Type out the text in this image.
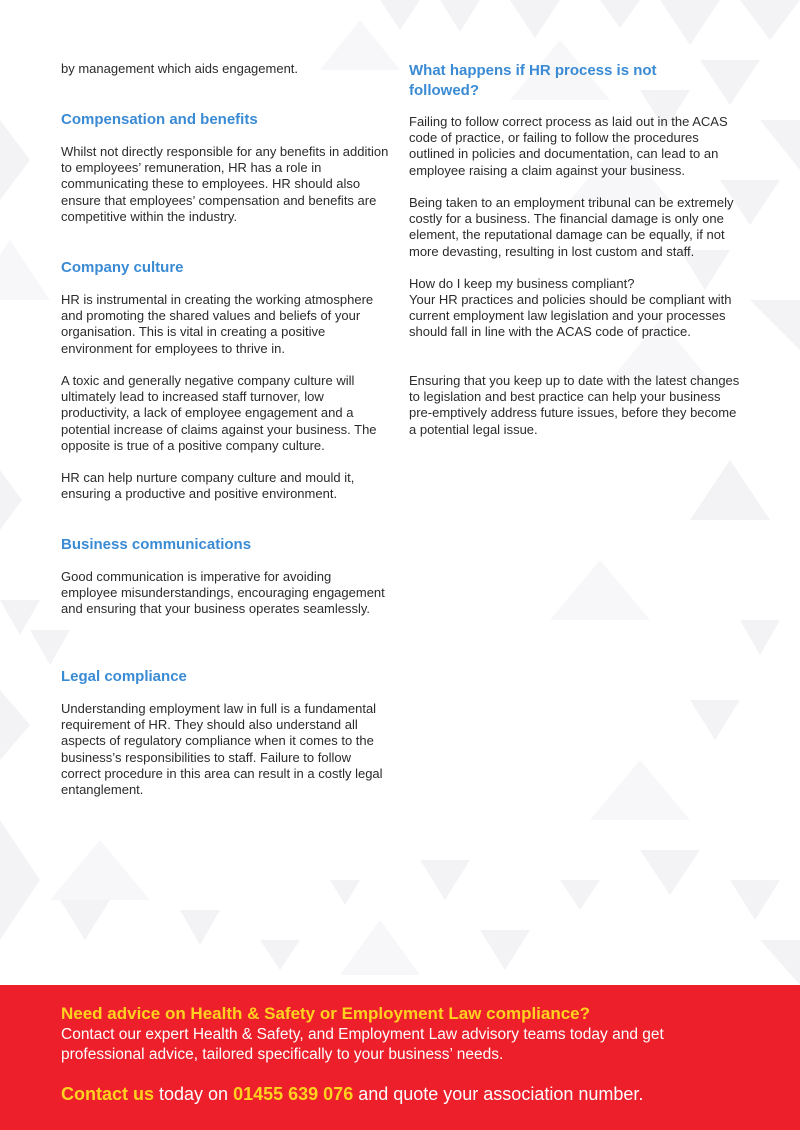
by management which aids engagement.

Compensation and benefits

Whilst not directly responsible for any benefits in addition to employees’ remuneration, HR has a role in communicating these to employees. HR should also ensure that employees’ compensation and benefits are competitive within the industry.

Company culture

HR is instrumental in creating the working atmosphere and promoting the shared values and beliefs of your organisation. This is vital in creating a positive environment for employees to thrive in.

A toxic and generally negative company culture will ultimately lead to increased staff turnover, low productivity, a lack of employee engagement and a potential increase of claims against your business. The opposite is true of a positive company culture.

HR can help nurture company culture and mould it, ensuring a productive and positive environment.

Business communications

Good communication is imperative for avoiding employee misunderstandings, encouraging engagement and ensuring that your business operates seamlessly.

Legal compliance

Understanding employment law in full is a fundamental requirement of HR. They should also understand all aspects of regulatory compliance when it comes to the business’s responsibilities to staff. Failure to follow correct procedure in this area can result in a costly legal entanglement.

What happens if HR process is not followed?

Failing to follow correct process as laid out in the ACAS code of practice, or failing to follow the procedures outlined in policies and documentation, can lead to an employee raising a claim against your business.

Being taken to an employment tribunal can be extremely costly for a business. The financial damage is only one element, the reputational damage can be equally, if not more devasting, resulting in lost custom and staff.

How do I keep my business compliant?

Your HR practices and policies should be compliant with current employment law legislation and your processes should fall in line with the ACAS code of practice.

Ensuring that you keep up to date with the latest changes to legislation and best practice can help your business pre-emptively address future issues, before they become a potential legal issue.

Need advice on Health & Safety or Employment Law compliance?

Contact our expert Health & Safety, and Employment Law advisory teams today and get professional advice, tailored specifically to your business’ needs.

Contact us today on 01455 639 076 and quote your association number.
